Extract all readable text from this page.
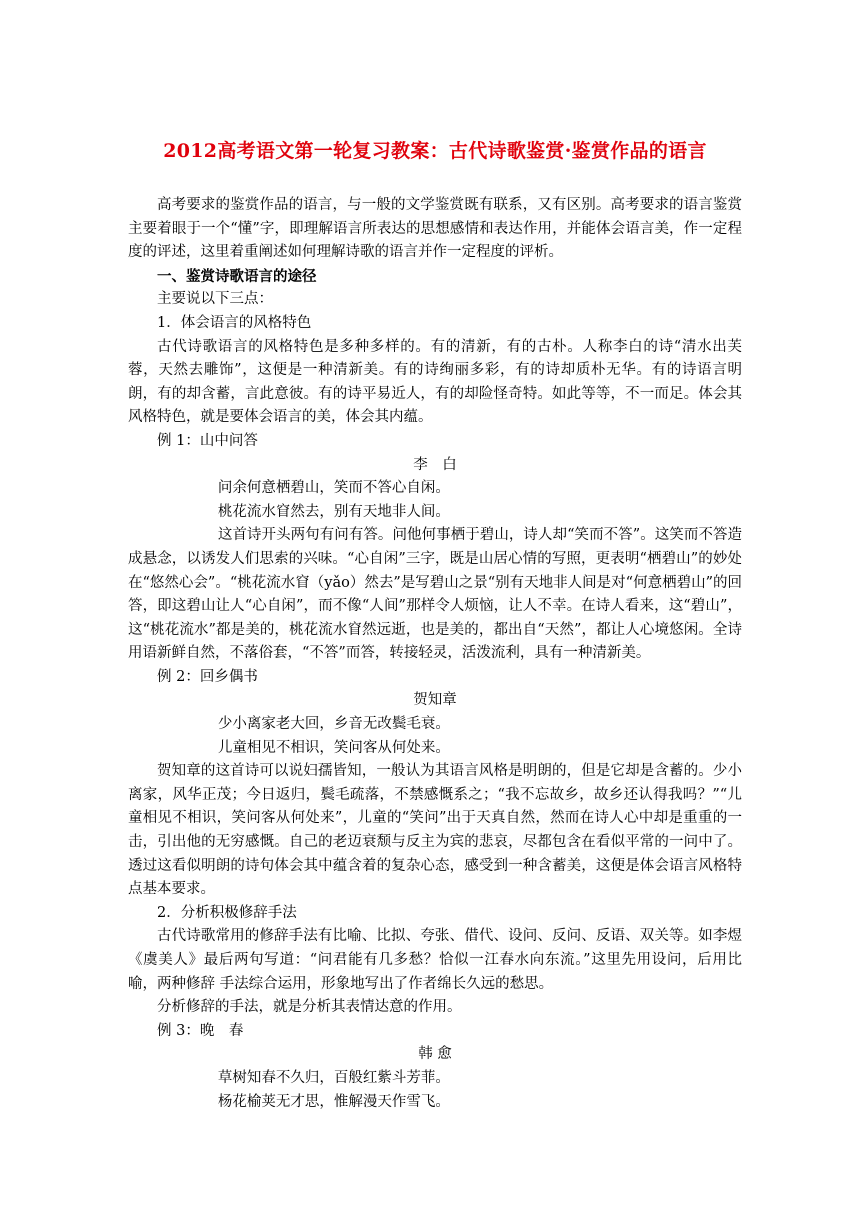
2012高考语文第一轮复习教案：古代诗歌鉴赏·鉴赏作品的语言

高考要求的鉴赏作品的语言，与一般的文学鉴赏既有联系，又有区别。高考要求的语言鉴赏主要着眼于一个“懂”字，即理解语言所表达的思想感情和表达作用，并能体会语言美，作一定程度的评述，这里着重阐述如何理解诗歌的语言并作一定程度的评析。

一、鉴赏诗歌语言的途径

主要说以下三点：

1．体会语言的风格特色

古代诗歌语言的风格特色是多种多样的。有的清新，有的古朴。人称李白的诗“清水出芙蓉，天然去雕饰”，这便是一种清新美。有的诗绚丽多彩，有的诗却质朴无华。有的诗语言明朗，有的却含蓄，言此意彼。有的诗平易近人，有的却险怪奇特。如此等等，不一而足。体会其风格特色，就是要体会语言的美，体会其内蕴。

例 1：山中问答

李　白

问余何意栖碧山，笑而不答心自闲。

桃花流水窅然去，别有天地非人间。

这首诗开头两句有问有答。问他何事栖于碧山，诗人却“笑而不答”。这笑而不答造成悬念，以诱发人们思索的兴味。“心自闲”三字，既是山居心情的写照，更表明“栖碧山”的妙处在“悠然心会”。“桃花流水窅（yǎo）然去”是写碧山之景“别有天地非人间是对“何意栖碧山”的回答，即这碧山让人“心自闲”，而不像“人间”那样令人烦恼，让人不幸。在诗人看来，这“碧山”，这“桃花流水”都是美的，桃花流水窅然远逝，也是美的，都出自“天然”，都让人心境悠闲。全诗用语新鲜自然，不落俗套，“不答”而答，转接轻灵，活泼流利，具有一种清新美。

例 2：回乡偶书

贺知章

少小离家老大回，乡音无改鬓毛衰。

儿童相见不相识，笑问客从何处来。

贺知章的这首诗可以说妇孺皆知，一般认为其语言风格是明朗的，但是它却是含蓄的。少小离家，风华正茂；今日返归，鬓毛疏落，不禁感慨系之；“我不忘故乡，故乡还认得我吗？”“儿童相见不相识，笑问客从何处来”，儿童的“笑问”出于天真自然，然而在诗人心中却是重重的一击，引出他的无穷感慨。自己的老迈衰颓与反主为宾的悲哀，尽都包含在看似平常的一问中了。透过这看似明朗的诗句体会其中蕴含着的复杂心态，感受到一种含蓄美，这便是体会语言风格特点基本要求。

2．分析积极修辞手法

古代诗歌常用的修辞手法有比喻、比拟、夸张、借代、设问、反问、反语、双关等。如李煜《虞美人》最后两句写道：“问君能有几多愁？恰似一江春水向东流。”这里先用设问，后用比喻，两种修辞 手法综合运用，形象地写出了作者绵长久远的愁思。

分析修辞的手法，就是分析其表情达意的作用。

例 3：晚　春

韩 愈

草树知春不久归，百般红紫斗芳菲。

杨花榆荚无才思，惟解漫天作雪飞。
